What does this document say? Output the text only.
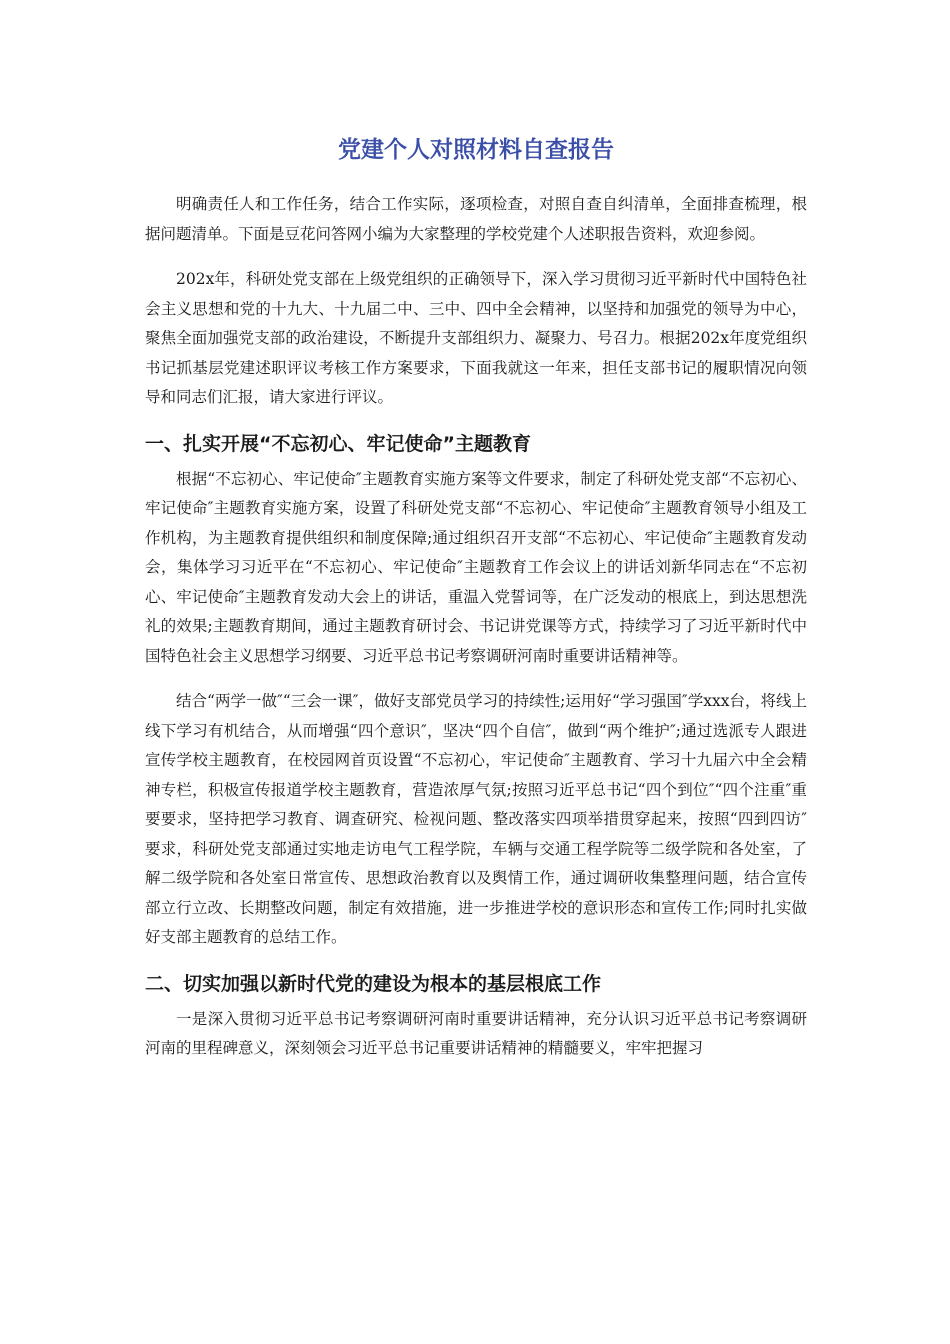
党建个人对照材料自查报告

明确责任人和工作任务，结合工作实际，逐项检查，对照自查自纠清单，全面排查梳理，根据问题清单。下面是豆花问答网小编为大家整理的学校党建个人述职报告资料，欢迎参阅。

202x年，科研处党支部在上级党组织的正确领导下，深入学习贯彻习近平新时代中国特色社会主义思想和党的十九大、十九届二中、三中、四中全会精神，以坚持和加强党的领导为中心，聚焦全面加强党支部的政治建设，不断提升支部组织力、凝聚力、号召力。根据202x年度党组织书记抓基层党建述职评议考核工作方案要求，下面我就这一年来，担任支部书记的履职情况向领导和同志们汇报，请大家进行评议。

一、扎实开展“不忘初心、牢记使命”主题教育

根据“不忘初心、牢记使命″主题教育实施方案等文件要求，制定了科研处党支部“不忘初心、牢记使命″主题教育实施方案，设置了科研处党支部“不忘初心、牢记使命″主题教育领导小组及工作机构，为主题教育提供组织和制度保障;通过组织召开支部“不忘初心、牢记使命″主题教育发动会，集体学习习近平在“不忘初心、牢记使命″主题教育工作会议上的讲话刘新华同志在“不忘初心、牢记使命″主题教育发动大会上的讲话，重温入党誓词等，在广泛发动的根底上，到达思想洗礼的效果;主题教育期间，通过主题教育研讨会、书记讲党课等方式，持续学习了习近平新时代中国特色社会主义思想学习纲要、习近平总书记考察调研河南时重要讲话精神等。

结合“两学一做″“三会一课″，做好支部党员学习的持续性;运用好“学习强国″学xxx台，将线上线下学习有机结合，从而增强“四个意识″，坚决“四个自信″，做到“两个维护″;通过选派专人跟进宣传学校主题教育，在校园网首页设置“不忘初心，牢记使命″主题教育、学习十九届六中全会精神专栏，积极宣传报道学校主题教育，营造浓厚气氛;按照习近平总书记“四个到位″“四个注重″重要要求，坚持把学习教育、调查研究、检视问题、整改落实四项举措贯穿起来，按照“四到四访″要求，科研处党支部通过实地走访电气工程学院，车辆与交通工程学院等二级学院和各处室，了解二级学院和各处室日常宣传、思想政治教育以及舆情工作，通过调研收集整理问题，结合宣传部立行立改、长期整改问题，制定有效措施，进一步推进学校的意识形态和宣传工作;同时扎实做好支部主题教育的总结工作。

二、切实加强以新时代党的建设为根本的基层根底工作

一是深入贯彻习近平总书记考察调研河南时重要讲话精神，充分认识习近平总书记考察调研河南的里程碑意义，深刻领会习近平总书记重要讲话精神的精髓要义，牢牢把握习
